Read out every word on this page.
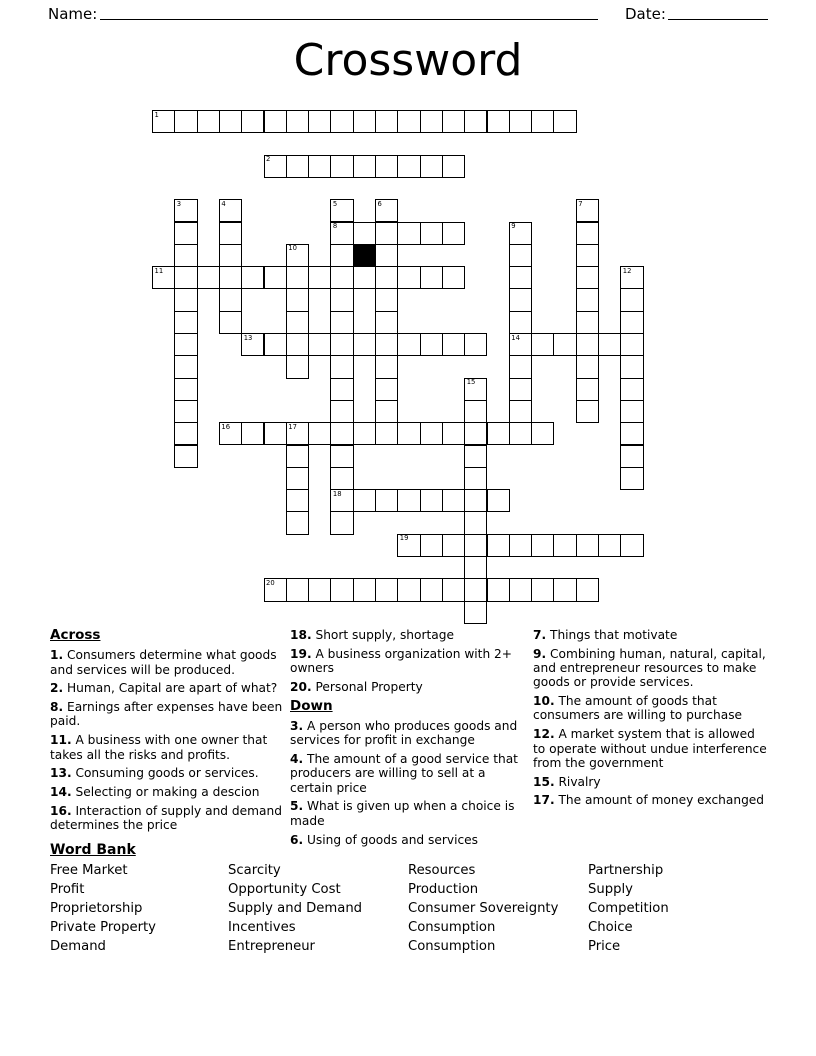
Name:	Date:
Crossword
1
2
3	4	5
8
18
6	7
9
14
10
11	12
13
15
16	17
19
20
Across
1. Consumers determine what goods and services will be produced.
2. Human, Capital are apart of what?
8. Earnings after expenses have been paid.
11. A business with one owner that takes all the risks and profits.
13. Consuming goods or services.
14. Selecting or making a descion
16. Interaction of supply and demand determines the price
18. Short supply, shortage
19. A business organization with 2+ owners
20. Personal Property
Down
3. A person who produces goods and services for profit in exchange
4. The amount of a good service that producers are willing to sell at a certain price
5. What is given up when a choice is made
6. Using of goods and services
7. Things that motivate
9. Combining human, natural, capital, and entrepreneur resources to make goods or provide services.
10. The amount of goods that consumers are willing to purchase
12. A market system that is allowed to operate without undue interference from the government
15. Rivalry
17. The amount of money exchanged
Word Bank
Free Market
Profit
Proprietorship
Private Property
Demand
Scarcity
Opportunity Cost
Supply and Demand
Incentives
Entrepreneur
Resources
Production
Consumer Sovereignty
Consumption
Consumption
Partnership
Supply
Competition
Choice
Price
